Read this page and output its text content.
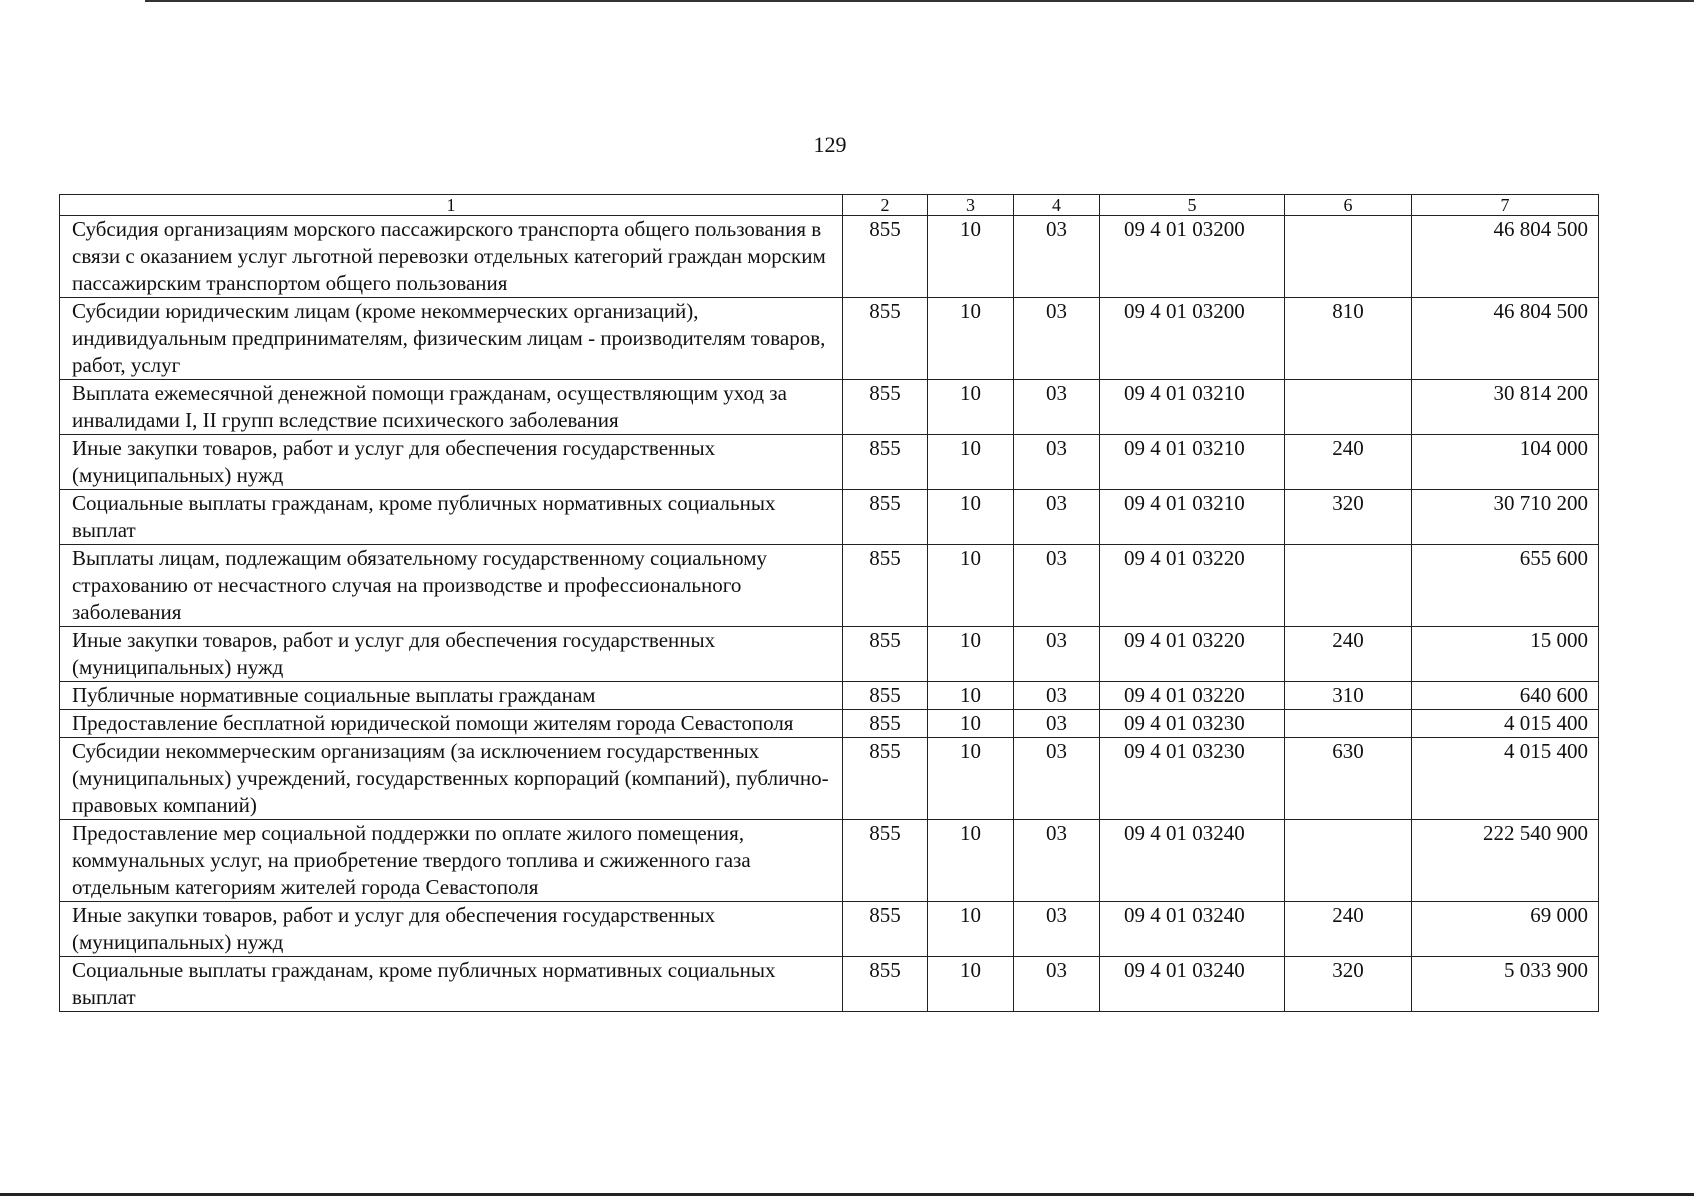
129
1	2	3	4	5	6	7
Субсидия организациям морского пассажирского транспорта общего пользования в связи с оказанием услуг льготной перевозки отдельных категорий граждан морским пассажирским транспортом общего пользования	855	10	03	09 4 01 03200		46 804 500
Субсидии юридическим лицам (кроме некоммерческих организаций), индивидуальным предпринимателям, физическим лицам - производителям товаров, работ, услуг	855	10	03	09 4 01 03200	810	46 804 500
Выплата ежемесячной денежной помощи гражданам, осуществляющим уход за инвалидами I, II групп вследствие психического заболевания	855	10	03	09 4 01 03210		30 814 200
Иные закупки товаров, работ и услуг для обеспечения государственных (муниципальных) нужд	855	10	03	09 4 01 03210	240	104 000
Социальные выплаты гражданам, кроме публичных нормативных социальных выплат	855	10	03	09 4 01 03210	320	30 710 200
Выплаты лицам, подлежащим обязательному государственному социальному страхованию от несчастного случая на производстве и профессионального заболевания	855	10	03	09 4 01 03220		655 600
Иные закупки товаров, работ и услуг для обеспечения государственных (муниципальных) нужд	855	10	03	09 4 01 03220	240	15 000
Публичные нормативные социальные выплаты гражданам	855	10	03	09 4 01 03220	310	640 600
Предоставление бесплатной юридической помощи жителям города Севастополя	855	10	03	09 4 01 03230		4 015 400
Субсидии некоммерческим организациям (за исключением государственных (муниципальных) учреждений, государственных корпораций (компаний), публично-правовых компаний)	855	10	03	09 4 01 03230	630	4 015 400
Предоставление мер социальной поддержки по оплате жилого помещения, коммунальных услуг, на приобретение твердого топлива и сжиженного газа отдельным категориям жителей города Севастополя	855	10	03	09 4 01 03240		222 540 900
Иные закупки товаров, работ и услуг для обеспечения государственных (муниципальных) нужд	855	10	03	09 4 01 03240	240	69 000
Социальные выплаты гражданам, кроме публичных нормативных социальных выплат	855	10	03	09 4 01 03240	320	5 033 900
